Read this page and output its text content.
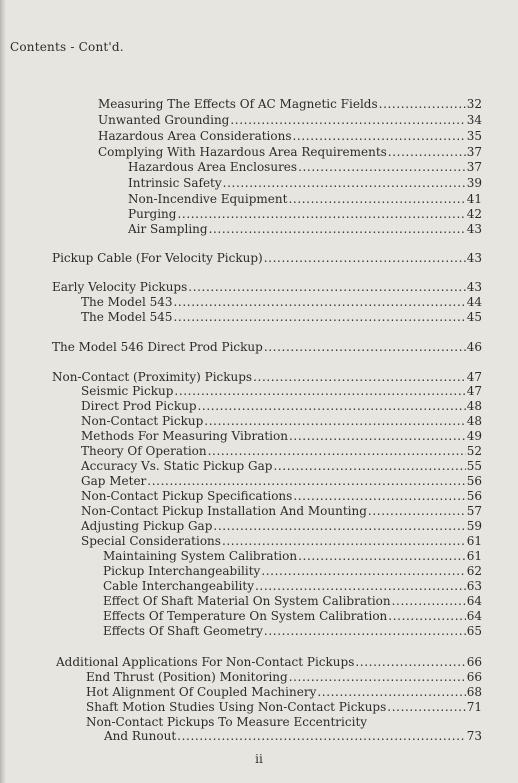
Contents - Cont'd.
Measuring The Effects Of AC Magnetic Fields . . .	32
Unwanted Grounding . . .	34
Hazardous Area Considerations . . .	35
Complying With Hazardous Area Requirements . . .	37
Hazardous Area Enclosures . . .	37
Intrinsic Safety . . .	39
Non-Incendive Equipment . . .	41
Purging . . .	42
Air Sampling . . .	43
Pickup Cable (For Velocity Pickup) . . .	43
Early Velocity Pickups . . .	43
The Model 543 . . .	44
The Model 545 . . .	45
The Model 546 Direct Prod Pickup . . .	46
Non-Contact (Proximity) Pickups . . .	47
Seismic Pickup . . .	47
Direct Prod Pickup . . .	48
Non-Contact Pickup . . .	48
Methods For Measuring Vibration . . .	49
Theory Of Operation . . .	52
Accuracy Vs. Static Pickup Gap . . .	55
Gap Meter . . .	56
Non-Contact Pickup Specifications . . .	56
Non-Contact Pickup Installation And Mounting . . .	57
Adjusting Pickup Gap . . .	59
Special Considerations . . .	61
Maintaining System Calibration . . .	61
Pickup Interchangeability . . .	62
Cable Interchangeability . . .	63
Effect Of Shaft Material On System Calibration . . .	64
Effects Of Temperature On System Calibration . . .	64
Effects Of Shaft Geometry . . .	65
Additional Applications For Non-Contact Pickups . . .	66
End Thrust (Position) Monitoring . . .	66
Hot Alignment Of Coupled Machinery . . .	68
Shaft Motion Studies Using Non-Contact Pickups . . .	71
Non-Contact Pickups To Measure Eccentricity
And Runout . . .	73
ii
